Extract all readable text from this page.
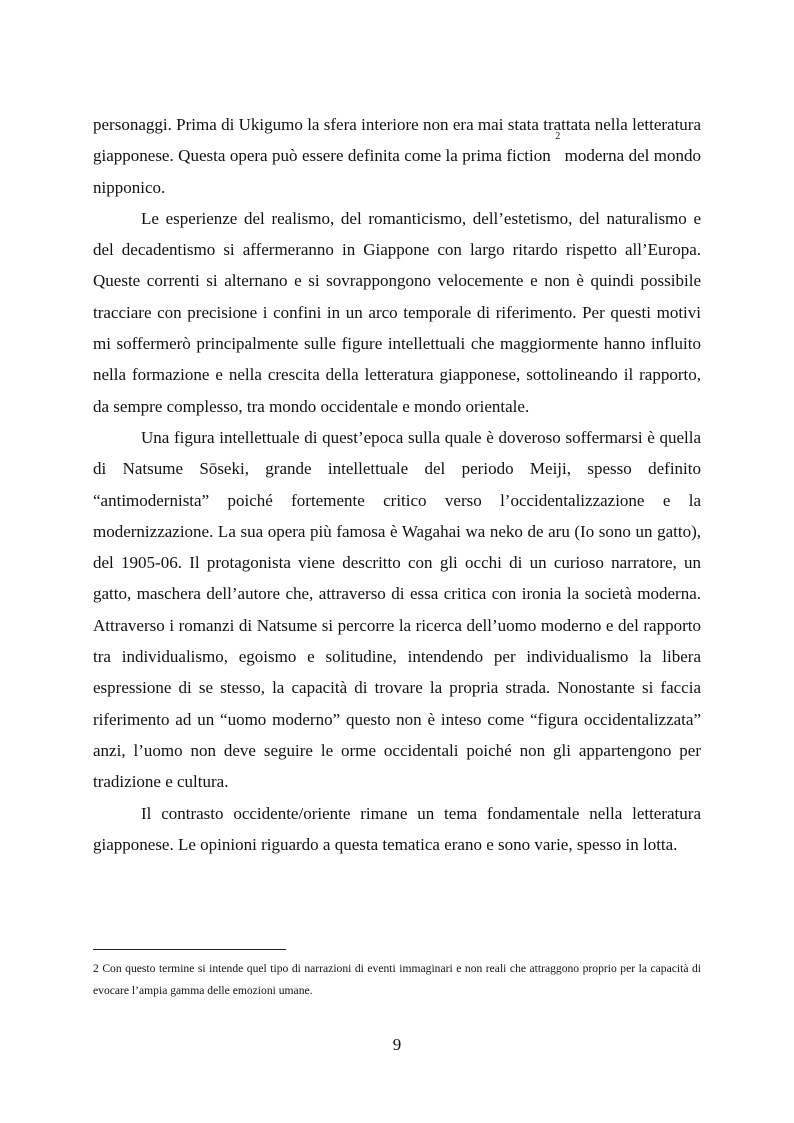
personaggi. Prima di Ukigumo la sfera interiore non era mai stata trattata nella letteratura giapponese. Questa opera può essere definita come la prima fiction $^2$ moderna del mondo nipponico.

Le esperienze del realismo, del romanticismo, dell’estetismo, del naturalismo e del decadentismo si affermeranno in Giappone con largo ritardo rispetto all’Europa. Queste correnti si alternano e si sovrappongono velocemente e non è quindi possibile tracciare con precisione i confini in un arco temporale di riferimento. Per questi motivi mi soffermerò principalmente sulle figure intellettuali che maggiormente hanno influito nella formazione e nella crescita della letteratura giapponese, sottolineando il rapporto, da sempre complesso, tra mondo occidentale e mondo orientale.

Una figura intellettuale di quest’epoca sulla quale è doveroso soffermarsi è quella di Natsume Sōseki, grande intellettuale del periodo Meiji, spesso definito “antimodernista” poiché fortemente critico verso l’occidentalizzazione e la modernizzazione. La sua opera più famosa è Wagahai wa neko de aru (Io sono un gatto), del 1905-06. Il protagonista viene descritto con gli occhi di un curioso narratore, un gatto, maschera dell’autore che, attraverso di essa critica con ironia la società moderna. Attraverso i romanzi di Natsume si percorre la ricerca dell’uomo moderno e del rapporto tra individualismo, egoismo e solitudine, intendendo per individualismo la libera espressione di se stesso, la capacità di trovare la propria strada. Nonostante si faccia riferimento ad un “uomo moderno” questo non è inteso come “figura occidentalizzata” anzi, l’uomo non deve seguire le orme occidentali poiché non gli appartengono per tradizione e cultura.

Il contrasto occidente/oriente rimane un tema fondamentale nella letteratura giapponese. Le opinioni riguardo a questa tematica erano e sono varie, spesso in lotta.

2 Con questo termine si intende quel tipo di narrazioni di eventi immaginari e non reali che attraggono proprio per la capacità di evocare l’ampia gamma delle emozioni umane.

9
